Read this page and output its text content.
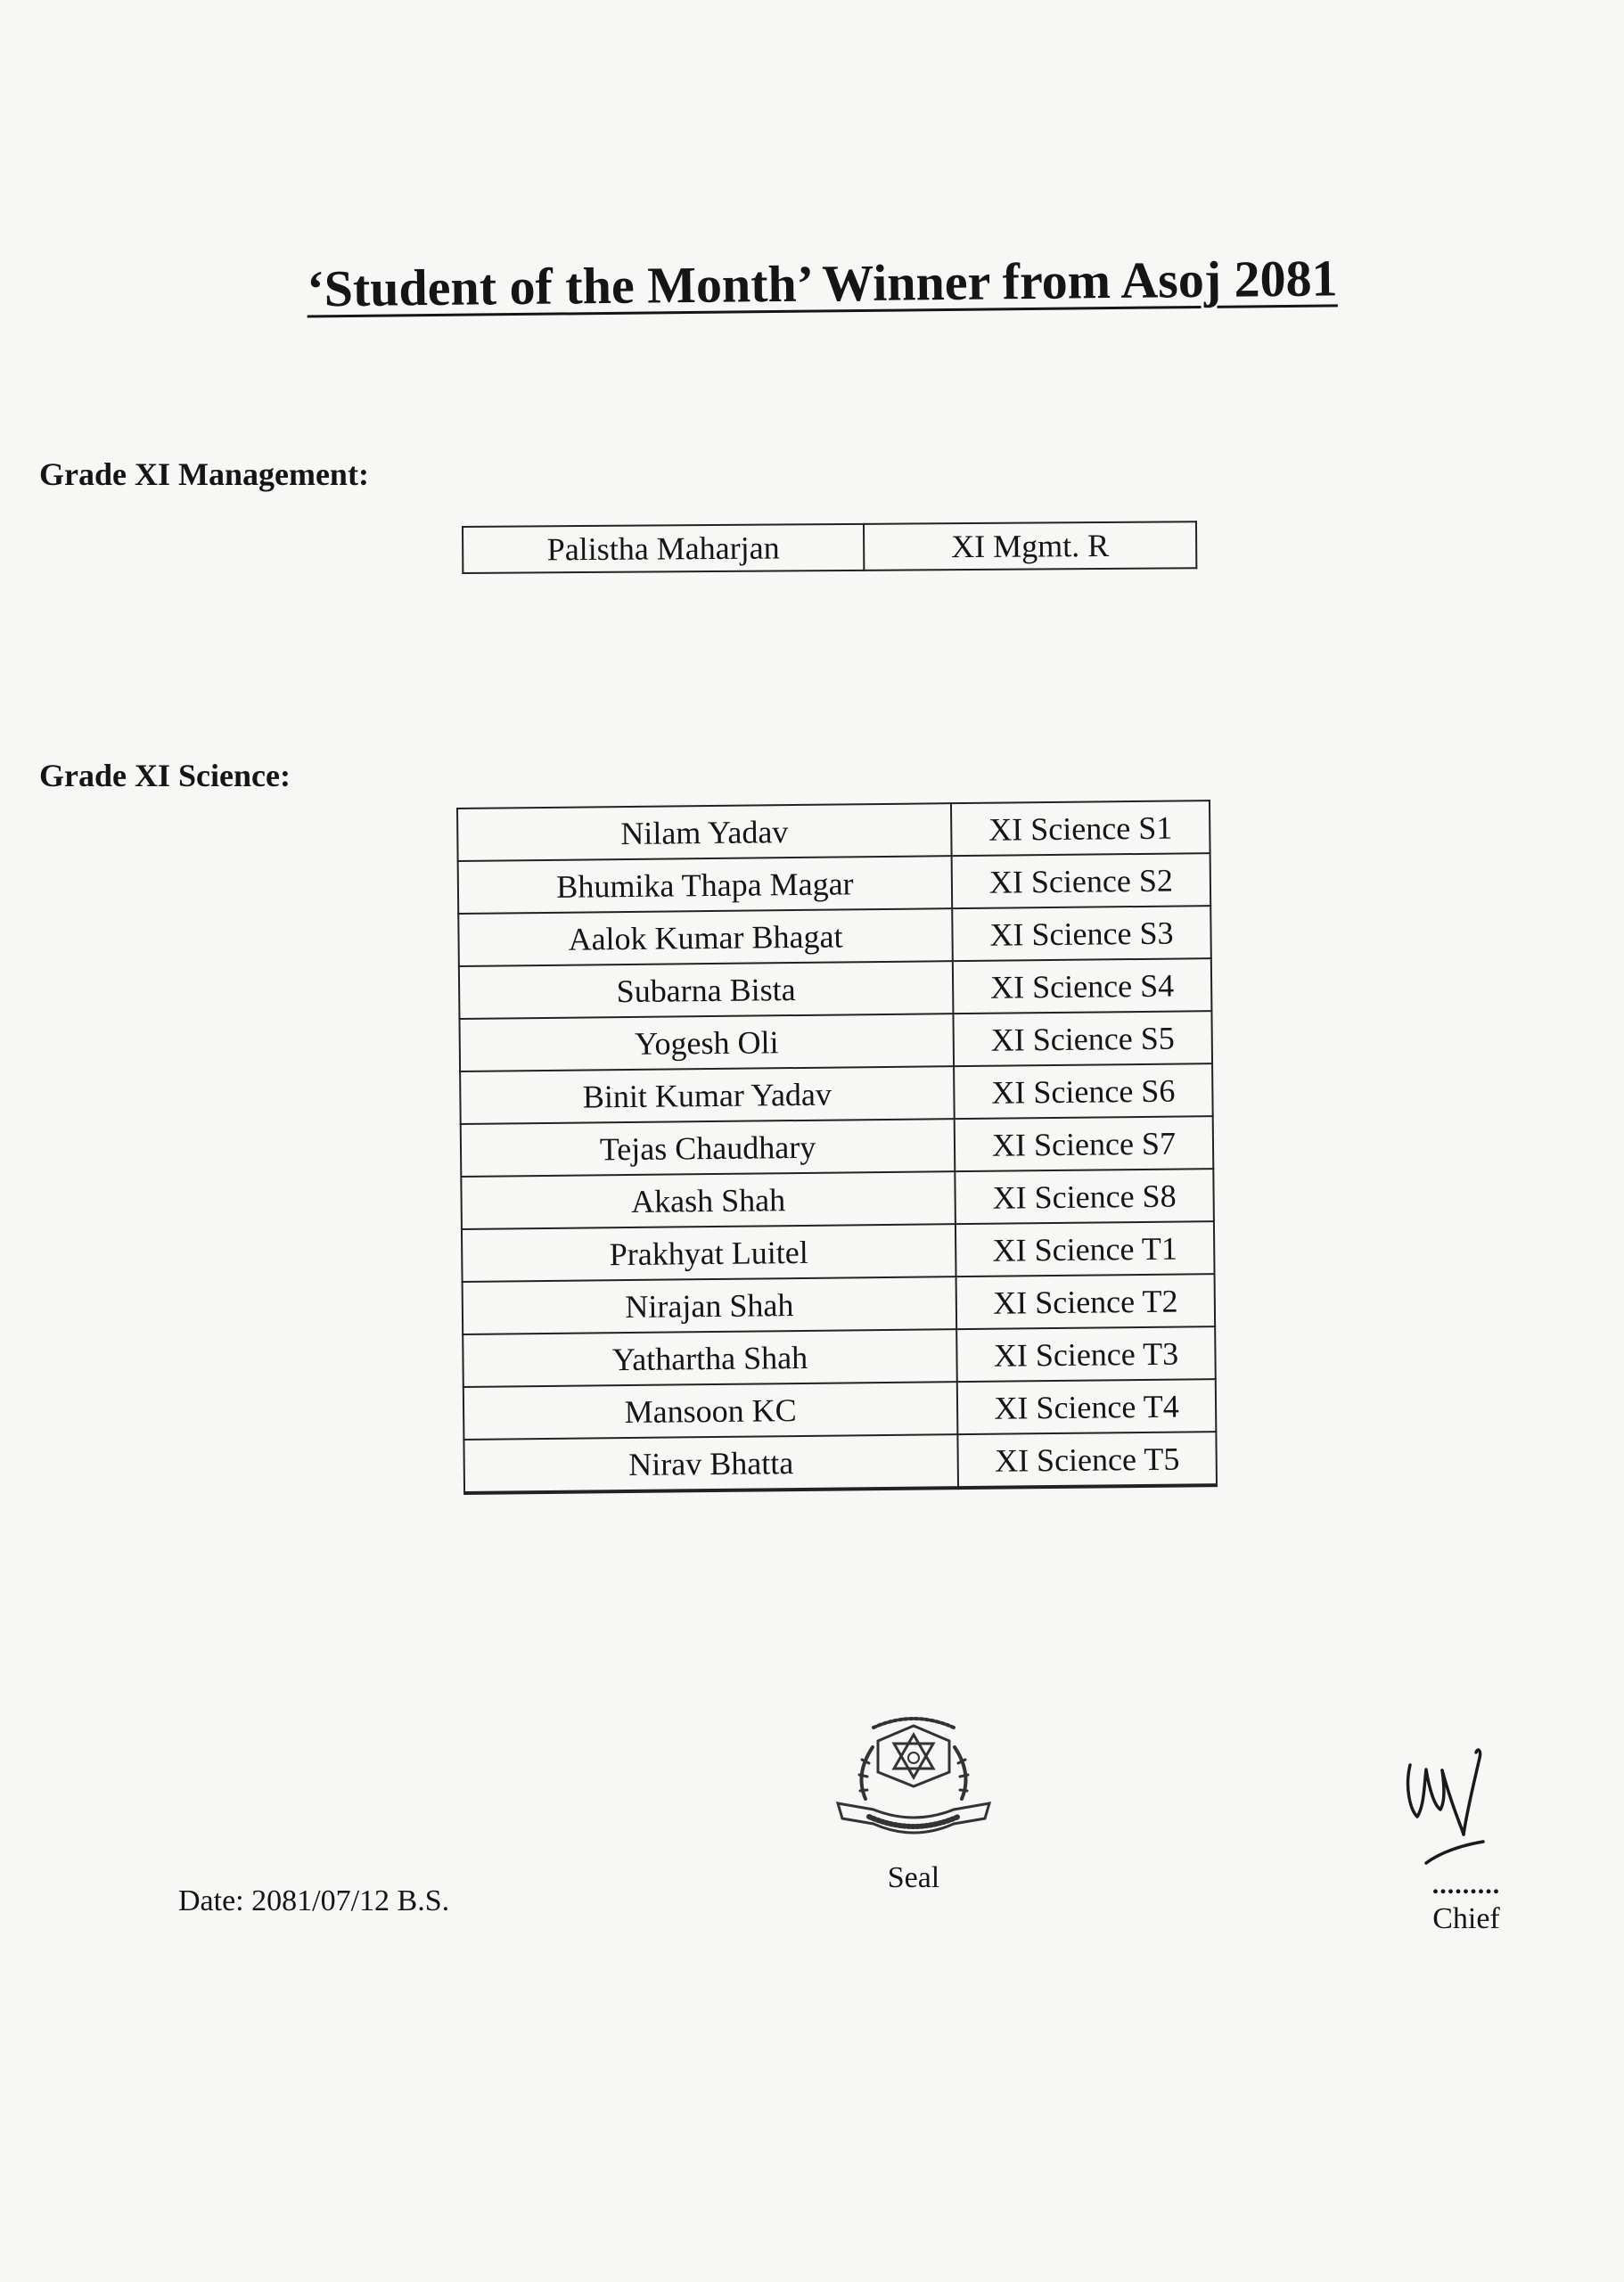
‘Student of the Month’ Winner from Asoj 2081
Grade XI Management:
Palistha Maharjan	XI Mgmt. R
Grade XI Science:
Nilam Yadav	XI Science S1
Bhumika Thapa Magar	XI Science S2
Aalok Kumar Bhagat	XI Science S3
Subarna Bista	XI Science S4
Yogesh Oli	XI Science S5
Binit Kumar Yadav	XI Science S6
Tejas Chaudhary	XI Science S7
Akash Shah	XI Science S8
Prakhyat Luitel	XI Science T1
Nirajan Shah	XI Science T2
Yathartha Shah	XI Science T3
Mansoon KC	XI Science T4
Nirav Bhatta	XI Science T5
Date: 2081/07/12 B.S.
Seal	.........
Chief
